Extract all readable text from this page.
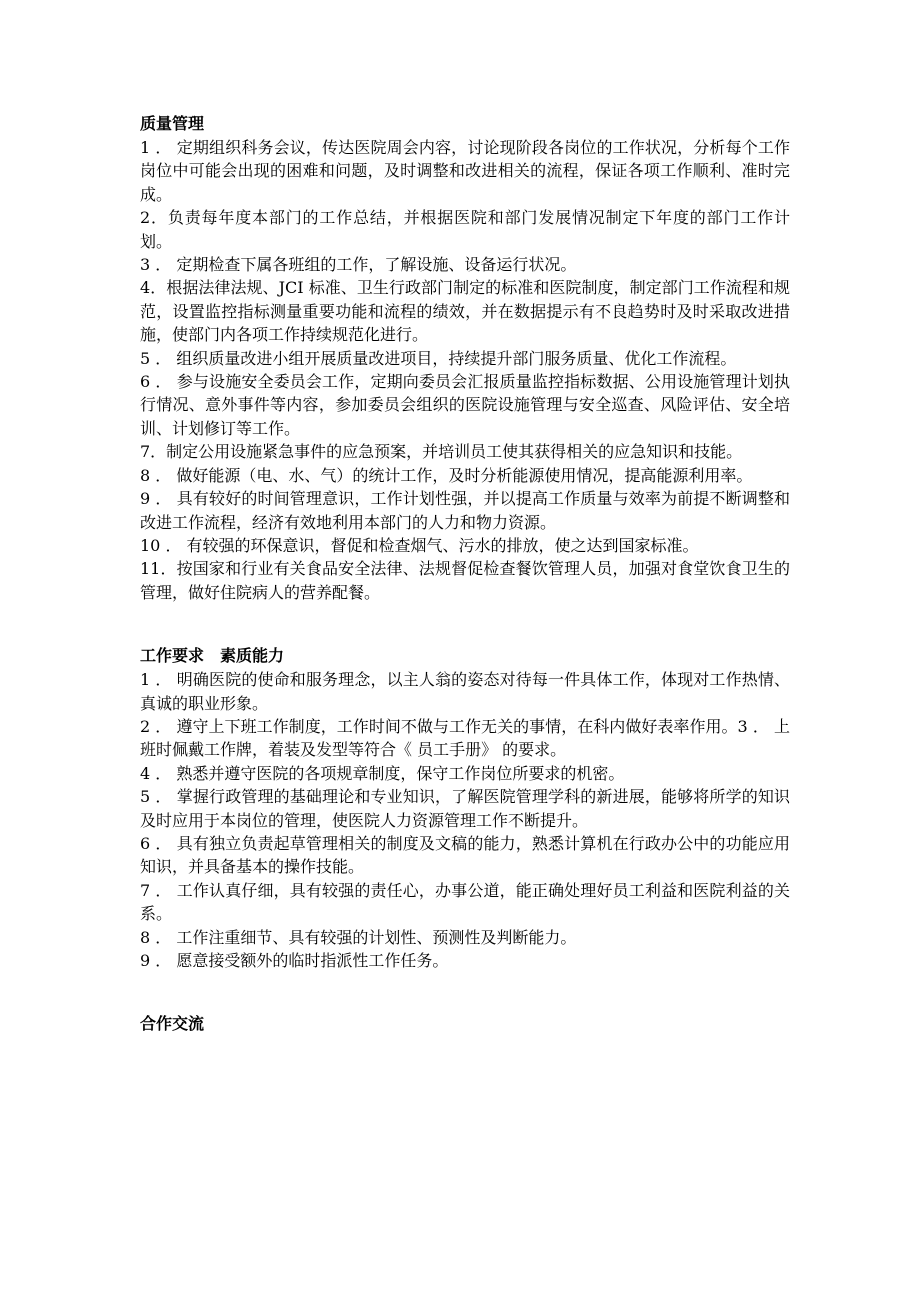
质量管理

1 ． 定期组织科务会议，传达医院周会内容，讨论现阶段各岗位的工作状况，分析每个工作岗位中可能会出现的困难和问题，及时调整和改进相关的流程，保证各项工作顺利、准时完成。

2．负责每年度本部门的工作总结，并根据医院和部门发展情况制定下年度的部门工作计划。

3 ． 定期检查下属各班组的工作，了解设施、设备运行状况。

4．根据法律法规、JCI 标准、卫生行政部门制定的标准和医院制度，制定部门工作流程和规范，设置监控指标测量重要功能和流程的绩效，并在数据提示有不良趋势时及时采取改进措施，使部门内各项工作持续规范化进行。

5 ． 组织质量改进小组开展质量改进项目，持续提升部门服务质量、优化工作流程。

6 ． 参与设施安全委员会工作，定期向委员会汇报质量监控指标数据、公用设施管理计划执行情况、意外事件等内容，参加委员会组织的医院设施管理与安全巡查、风险评估、安全培训、计划修订等工作。

7．制定公用设施紧急事件的应急预案，并培训员工使其获得相关的应急知识和技能。

8 ． 做好能源（电、水、气）的统计工作，及时分析能源使用情况，提高能源利用率。

9 ． 具有较好的时间管理意识，工作计划性强，并以提高工作质量与效率为前提不断调整和改进工作流程，经济有效地利用本部门的人力和物力资源。

10 ． 有较强的环保意识，督促和检查烟气、污水的排放，使之达到国家标准。

11．按国家和行业有关食品安全法律、法规督促检查餐饮管理人员，加强对食堂饮食卫生的管理，做好住院病人的营养配餐。

工作要求　素质能力

1 ． 明确医院的使命和服务理念，以主人翁的姿态对待每一件具体工作，体现对工作热情、真诚的职业形象。

2 ． 遵守上下班工作制度，工作时间不做与工作无关的事情，在科内做好表率作用。3 ． 上班时佩戴工作牌，着装及发型等符合《 员工手册》 的要求。

4 ． 熟悉并遵守医院的各项规章制度，保守工作岗位所要求的机密。

5 ． 掌握行政管理的基础理论和专业知识，了解医院管理学科的新进展，能够将所学的知识及时应用于本岗位的管理，使医院人力资源管理工作不断提升。

6 ． 具有独立负责起草管理相关的制度及文稿的能力，熟悉计算机在行政办公中的功能应用知识，并具备基本的操作技能。

7 ． 工作认真仔细，具有较强的责任心，办事公道，能正确处理好员工利益和医院利益的关系。

8 ． 工作注重细节、具有较强的计划性、预测性及判断能力。

9 ． 愿意接受额外的临时指派性工作任务。

合作交流
